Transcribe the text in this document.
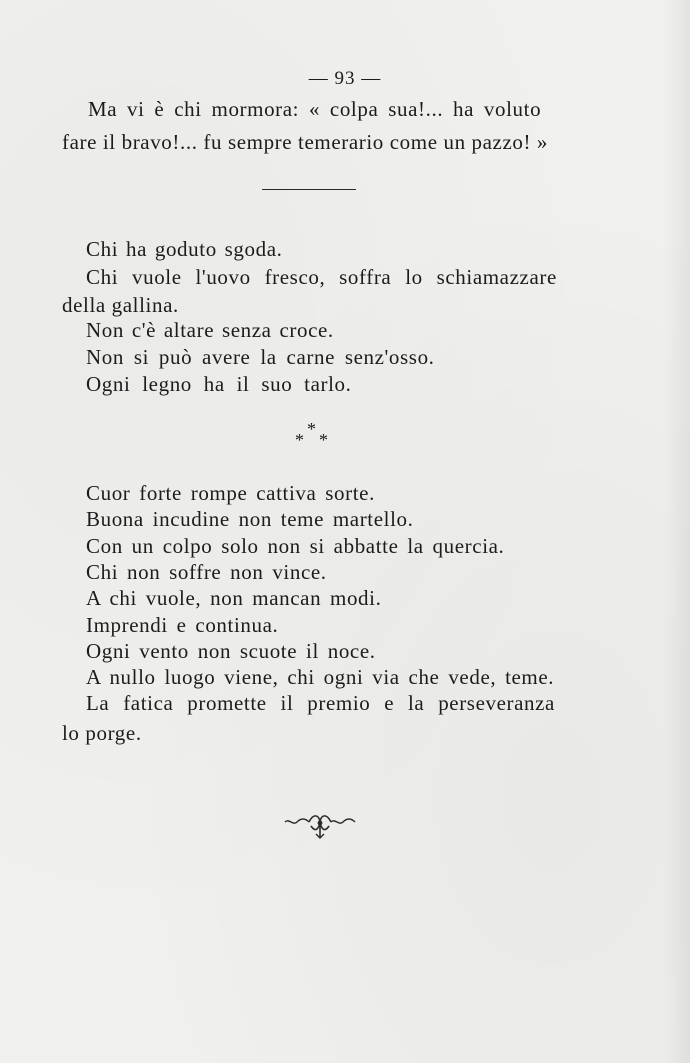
— 93 —
Ma vi è chi mormora: « colpa sua!... ha voluto
fare il bravo!... fu sempre temerario come un pazzo! »
Chi ha goduto sgoda.
Chi vuole l'uovo fresco, soffra lo schiamazzare
della gallina.
Non c'è altare senza croce.
Non si può avere la carne senz'osso.
Ogni legno ha il suo tarlo.
*
* *
Cuor forte rompe cattiva sorte.
Buona incudine non teme martello.
Con un colpo solo non si abbatte la quercia.
Chi non soffre non vince.
A chi vuole, non mancan modi.
Imprendi e continua.
Ogni vento non scuote il noce.
A nullo luogo viene, chi ogni via che vede, teme.
La fatica promette il premio e la perseveranza
lo porge.
